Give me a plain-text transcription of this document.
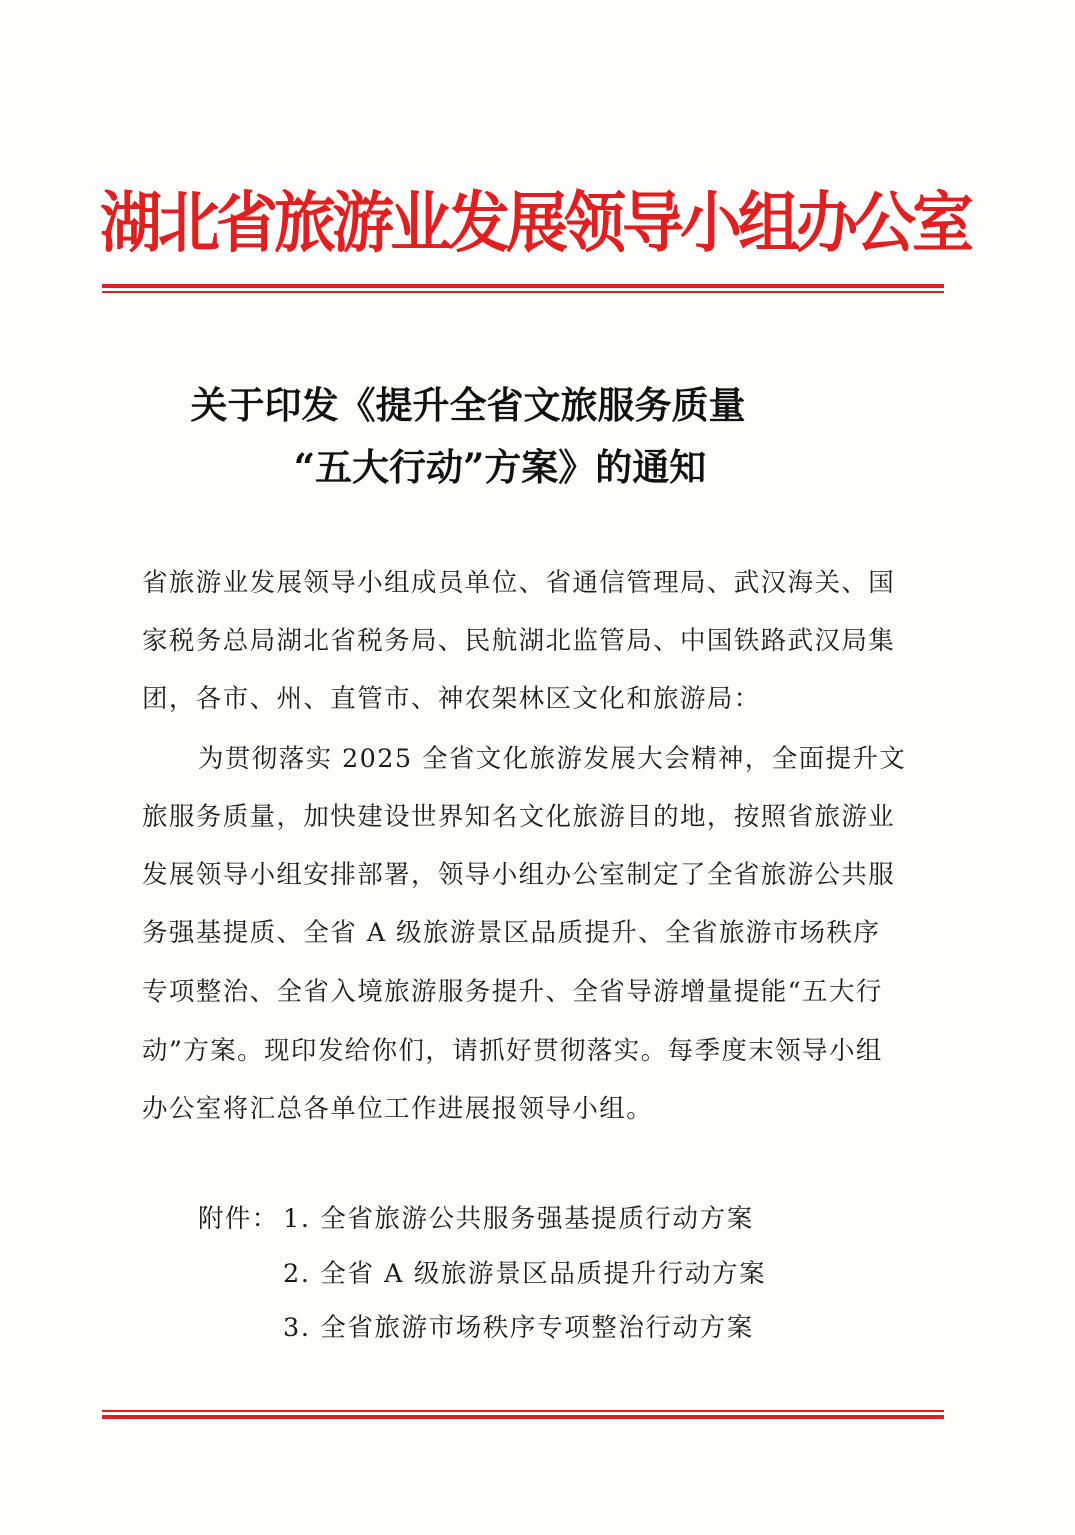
湖北省旅游业发展领导小组办公室
关于印发《提升全省文旅服务质量
“五大行动”方案》的通知
省旅游业发展领导小组成员单位、省通信管理局、武汉海关、国
家税务总局湖北省税务局、民航湖北监管局、中国铁路武汉局集
团，各市、州、直管市、神农架林区文化和旅游局：
为贯彻落实 2025 全省文化旅游发展大会精神，全面提升文
旅服务质量，加快建设世界知名文化旅游目的地，按照省旅游业
发展领导小组安排部署，领导小组办公室制定了全省旅游公共服
务强基提质、全省 A 级旅游景区品质提升、全省旅游市场秩序
专项整治、全省入境旅游服务提升、全省导游增量提能“五大行
动”方案。现印发给你们，请抓好贯彻落实。每季度末领导小组
办公室将汇总各单位工作进展报领导小组。
附件： 1. 全省旅游公共服务强基提质行动方案
2. 全省 A 级旅游景区品质提升行动方案
3. 全省旅游市场秩序专项整治行动方案
